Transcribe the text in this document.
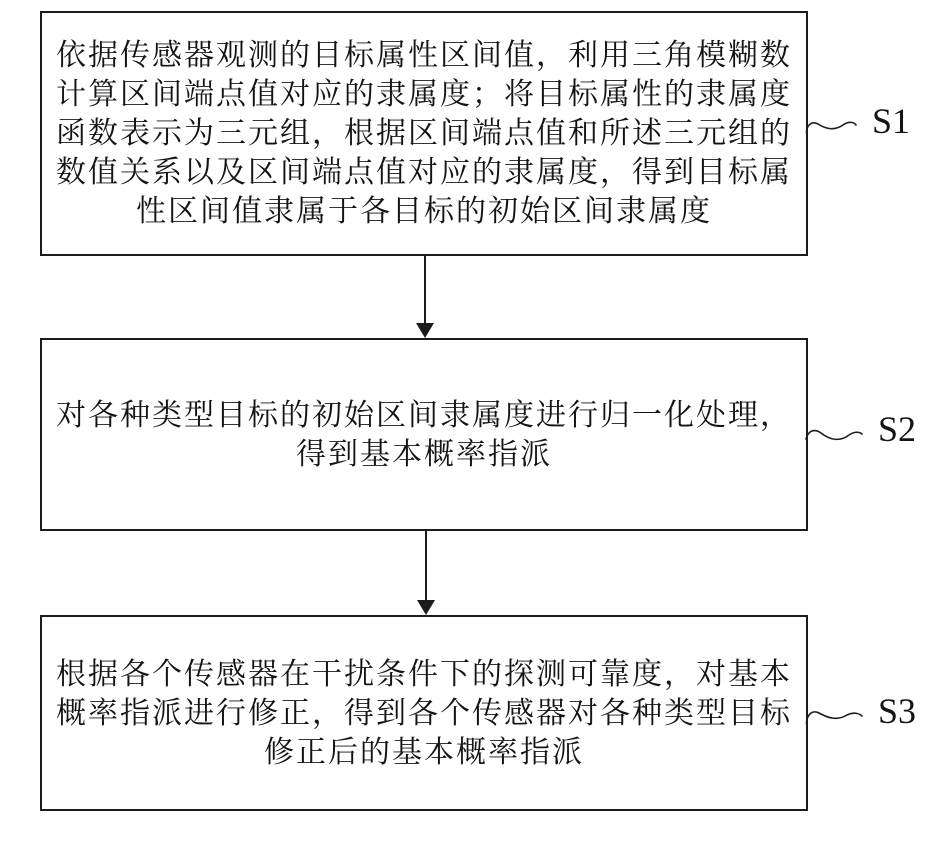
依据传感器观测的目标属性区间值，利用三角模糊数
计算区间端点值对应的隶属度；将目标属性的隶属度
函数表示为三元组，根据区间端点值和所述三元组的
数值关系以及区间端点值对应的隶属度，得到目标属
性区间值隶属于各目标的初始区间隶属度
对各种类型目标的初始区间隶属度进行归一化处理，
得到基本概率指派
根据各个传感器在干扰条件下的探测可靠度，对基本
概率指派进行修正，得到各个传感器对各种类型目标
修正后的基本概率指派
S1
S2
S3
